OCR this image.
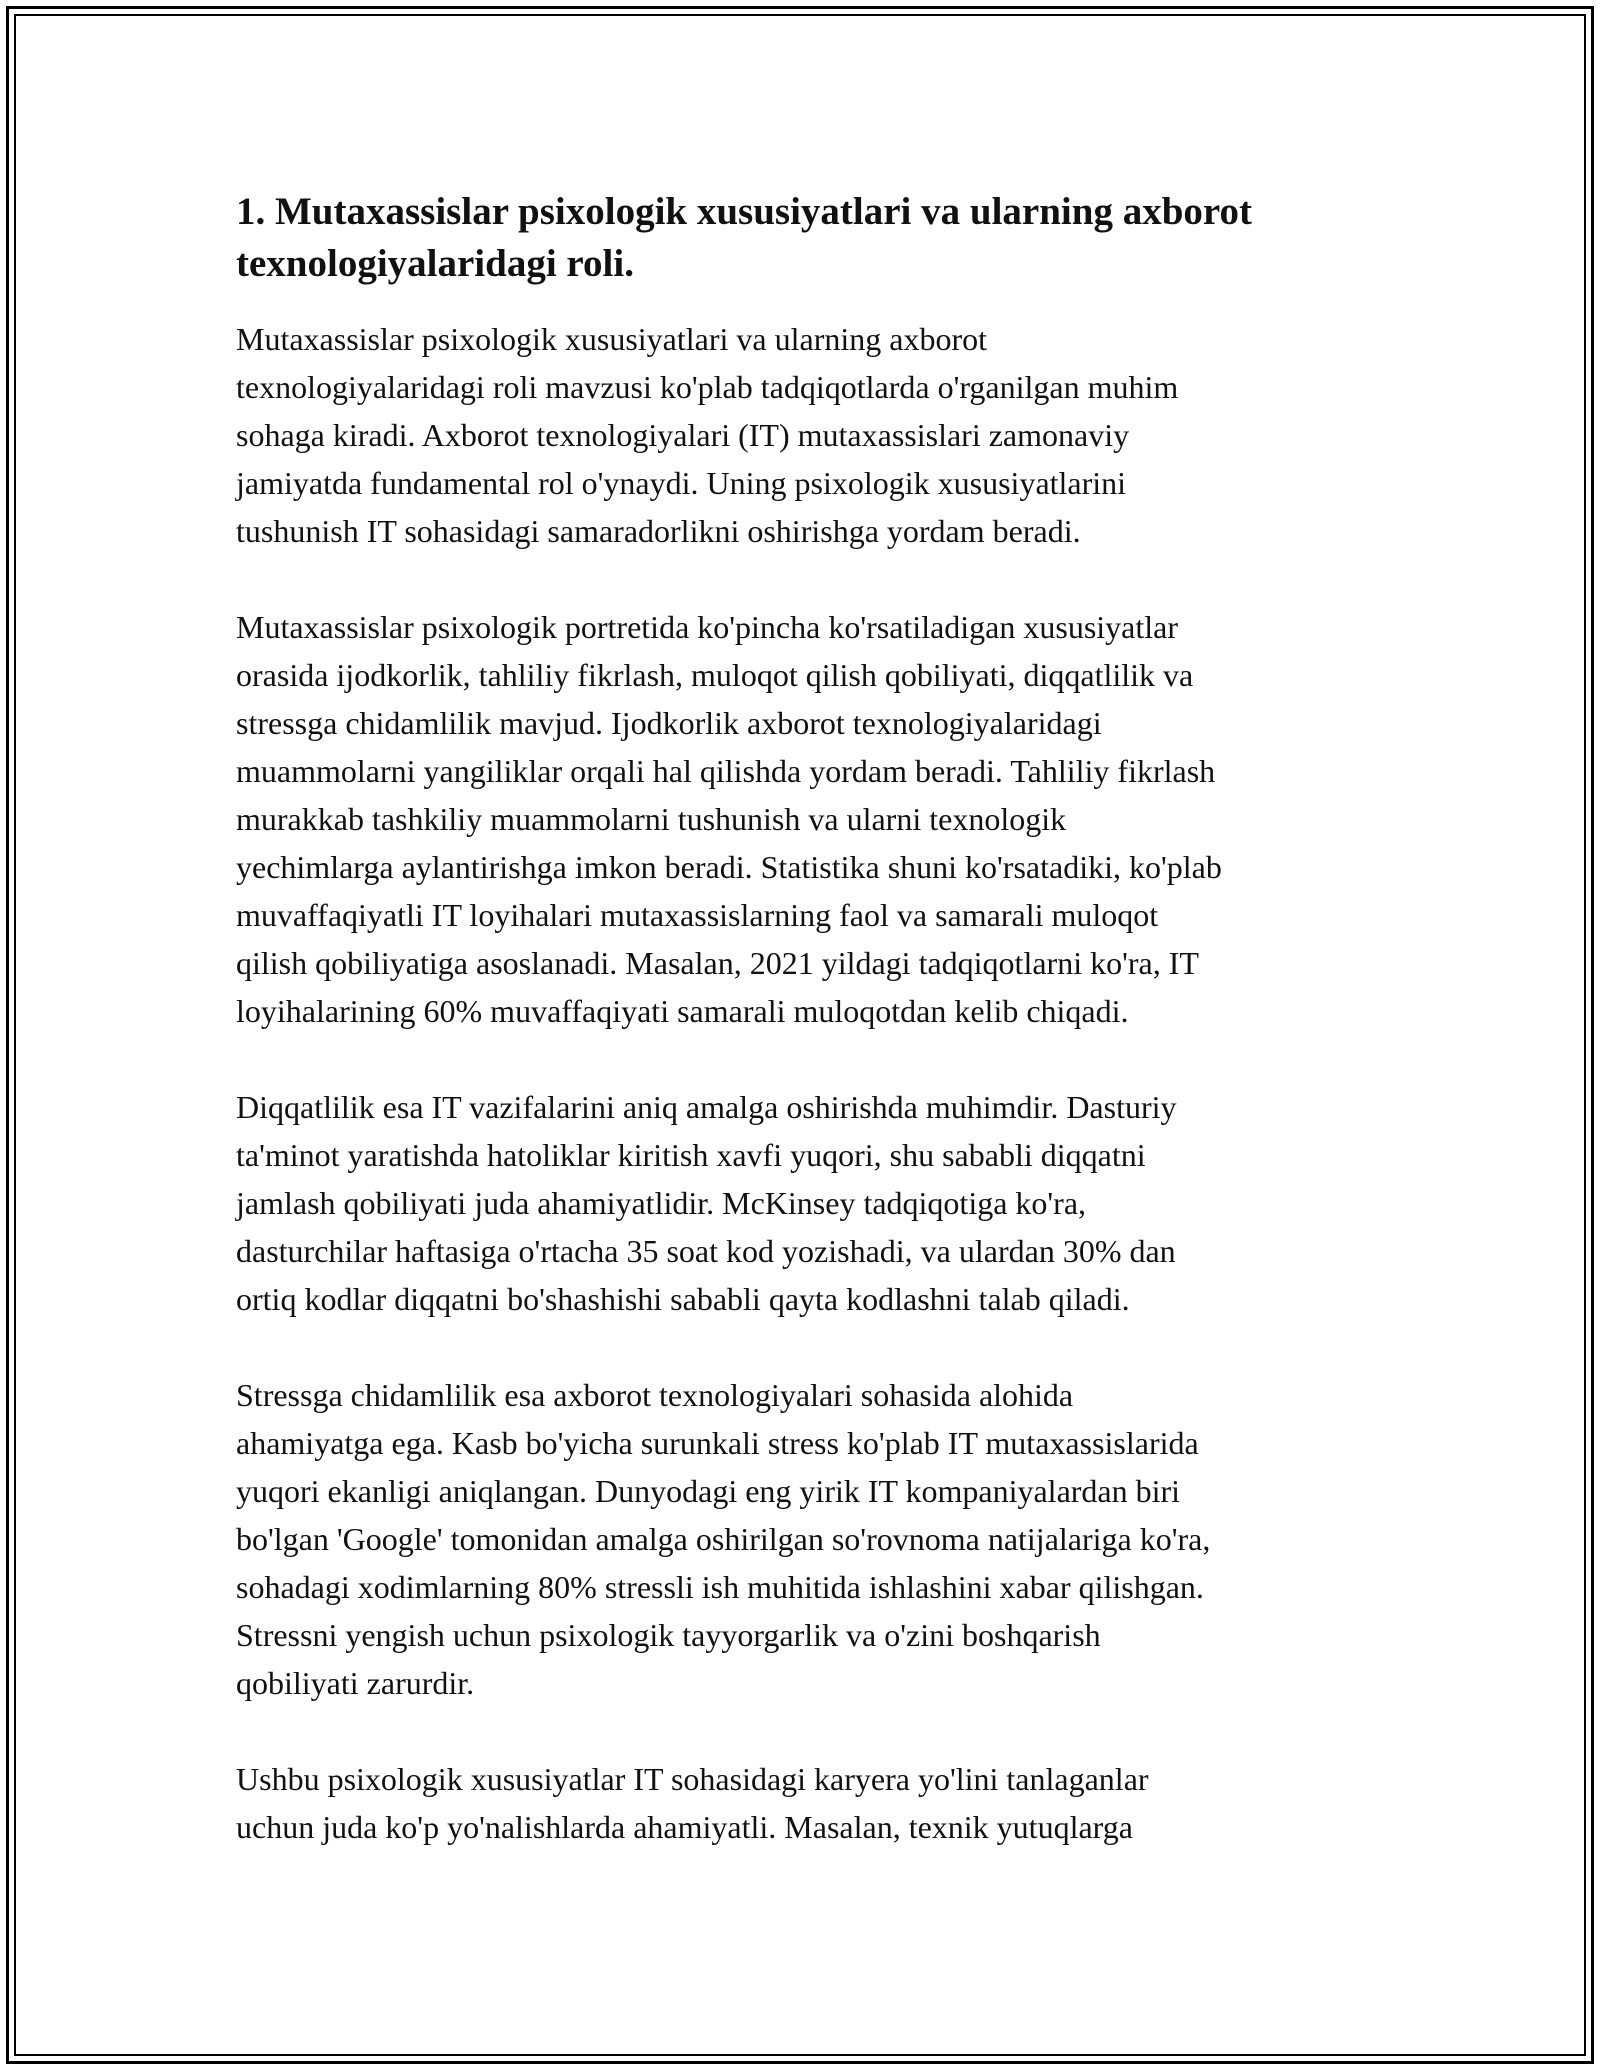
1. Mutaxassislar psixologik xususiyatlari va ularning axborot texnologiyalaridagi roli.

Mutaxassislar psixologik xususiyatlari va ularning axborot
texnologiyalaridagi roli mavzusi ko'plab tadqiqotlarda o'rganilgan muhim
sohaga kiradi. Axborot texnologiyalari (IT) mutaxassislari zamonaviy
jamiyatda fundamental rol o'ynaydi. Uning psixologik xususiyatlarini
tushunish IT sohasidagi samaradorlikni oshirishga yordam beradi.

Mutaxassislar psixologik portretida ko'pincha ko'rsatiladigan xususiyatlar
orasida ijodkorlik, tahliliy fikrlash, muloqot qilish qobiliyati, diqqatlilik va
stressga chidamlilik mavjud. Ijodkorlik axborot texnologiyalaridagi
muammolarni yangiliklar orqali hal qilishda yordam beradi. Tahliliy fikrlash
murakkab tashkiliy muammolarni tushunish va ularni texnologik
yechimlarga aylantirishga imkon beradi. Statistika shuni ko'rsatadiki, ko'plab
muvaffaqiyatli IT loyihalari mutaxassislarning faol va samarali muloqot
qilish qobiliyatiga asoslanadi. Masalan, 2021 yildagi tadqiqotlarni ko'ra, IT
loyihalarining 60% muvaffaqiyati samarali muloqotdan kelib chiqadi.

Diqqatlilik esa IT vazifalarini aniq amalga oshirishda muhimdir. Dasturiy
ta'minot yaratishda hatoliklar kiritish xavfi yuqori, shu sababli diqqatni
jamlash qobiliyati juda ahamiyatlidir. McKinsey tadqiqotiga ko'ra,
dasturchilar haftasiga o'rtacha 35 soat kod yozishadi, va ulardan 30% dan
ortiq kodlar diqqatni bo'shashishi sababli qayta kodlashni talab qiladi.

Stressga chidamlilik esa axborot texnologiyalari sohasida alohida
ahamiyatga ega. Kasb bo'yicha surunkali stress ko'plab IT mutaxassislarida
yuqori ekanligi aniqlangan. Dunyodagi eng yirik IT kompaniyalardan biri
bo'lgan 'Google' tomonidan amalga oshirilgan so'rovnoma natijalariga ko'ra,
sohadagi xodimlarning 80% stressli ish muhitida ishlashini xabar qilishgan.
Stressni yengish uchun psixologik tayyorgarlik va o'zini boshqarish
qobiliyati zarurdir.

Ushbu psixologik xususiyatlar IT sohasidagi karyera yo'lini tanlaganlar
uchun juda ko'p yo'nalishlarda ahamiyatli. Masalan, texnik yutuqlarga
